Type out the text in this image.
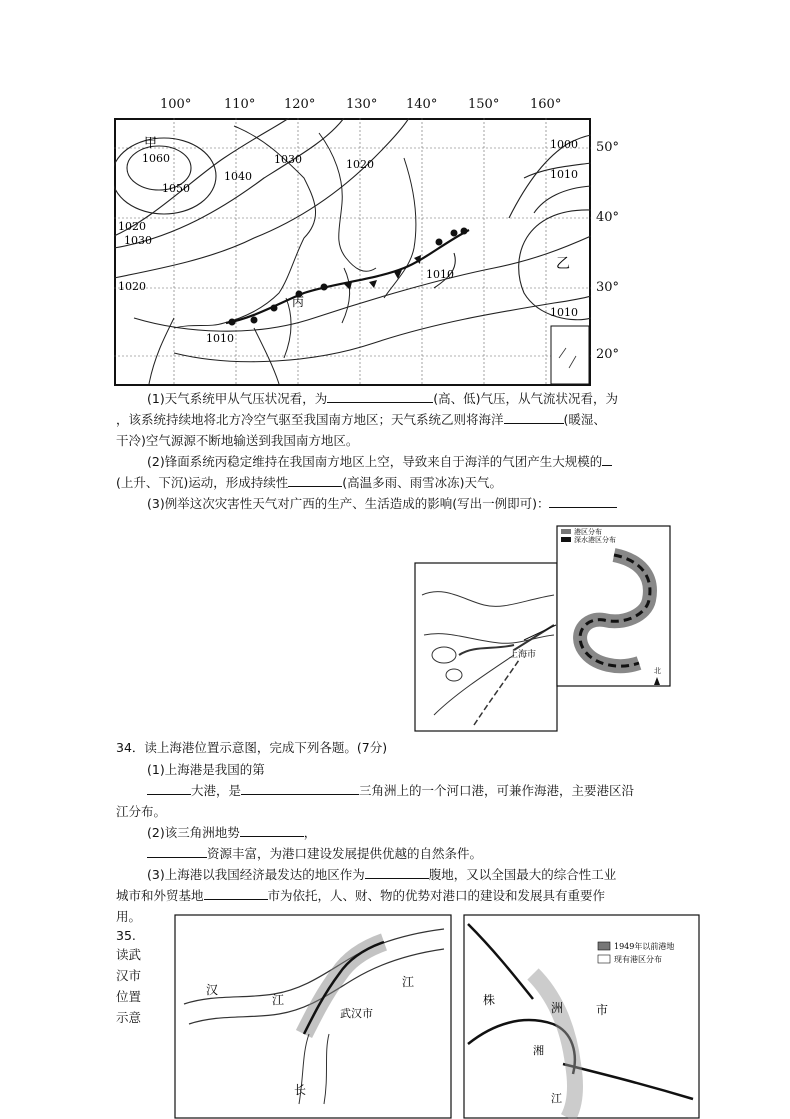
100°	110° 120° 130° 140° 150° 160°
50°
40°
30°
20°
甲
乙
丙
1060
1050
1040
1030
1020
1030
1020
1010
1020
1010
1000
1010
1010
(1)天气系统甲从气压状况看，为	(高、低)气压，从气流状况看，为
，该系统持续地将北方冷空气驱至我国南方地区；天气系统乙则将海洋	(暖湿、
干冷)空气源源不断地输送到我国南方地区。
(2)锋面系统丙稳定维持在我国南方地区上空，导致来自于海洋的气团产生大规模的
(上升、下沉)运动，形成持续性	(高温多雨、雨雪冰冻)天气。
(3)例举这次灾害性天气对广西的生产、生活造成的影响(写出一例即可)：
上海市
港区分布
深水港区分布
北
34．读上海港位置示意图，完成下列各题。(7分)
(1)上海港是我国的第
大港，是	三角洲上的一个河口港，可兼作海港，主要港区沿
江分布。
(2)该三角洲地势	，
资源丰富，为港口建设发展提供优越的自然条件。
(3)上海港以我国经济最发达的地区作为	腹地，又以全国最大的综合性工业
城市和外贸基地	市为依托，人、财、物的优势对港口的建设和发展具有重要作
用。
35.
读武
汉市
位置
示意
汉
江
武汉市
江
长
1949年以前港地
现有港区分布
株
洲	市
湘
江
